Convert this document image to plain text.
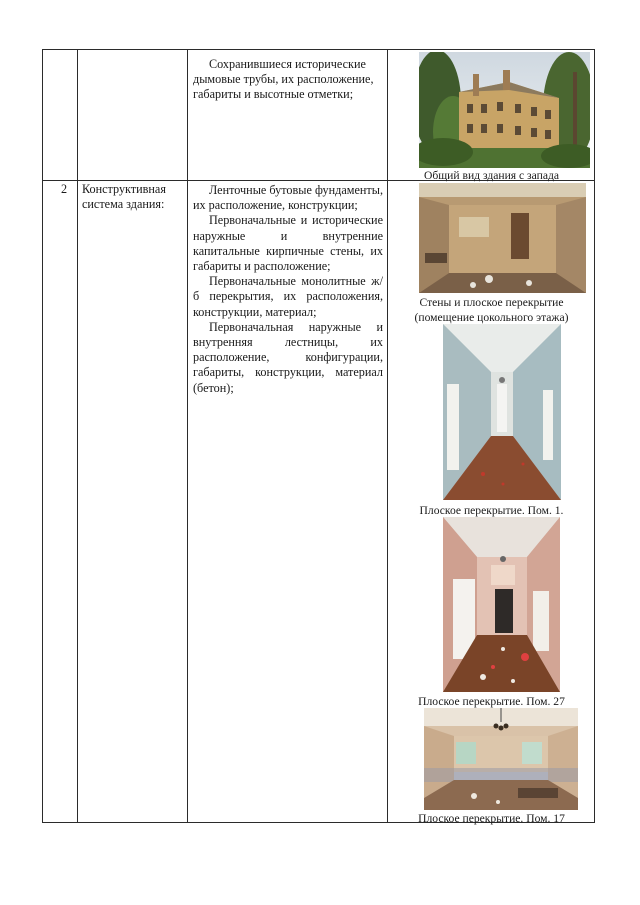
Сохранившиеся исторические дымовые трубы, их расположение, габариты и высотные отметки;

Общий вид здания с запада
2	Конструктивная система здания:

Ленточные бутовые фундаменты, их расположение, конструкции;

Первоначальные и исторические наружные и внутренние капитальные кирпичные стены, их габариты и расположение;

Первоначальные монолитные ж/б перекрытия, их расположения, конструкции, материал;

Первоначальная наружные и внутренняя лестницы, их расположение, конфигурации, габариты, конструкции, материал (бетон);

Стены и плоское перекрытие
(помещение цокольного этажа)
Плоское перекрытие. Пом. 1.
Плоское перекрытие. Пом. 27
Плоское перекрытие. Пом. 17
